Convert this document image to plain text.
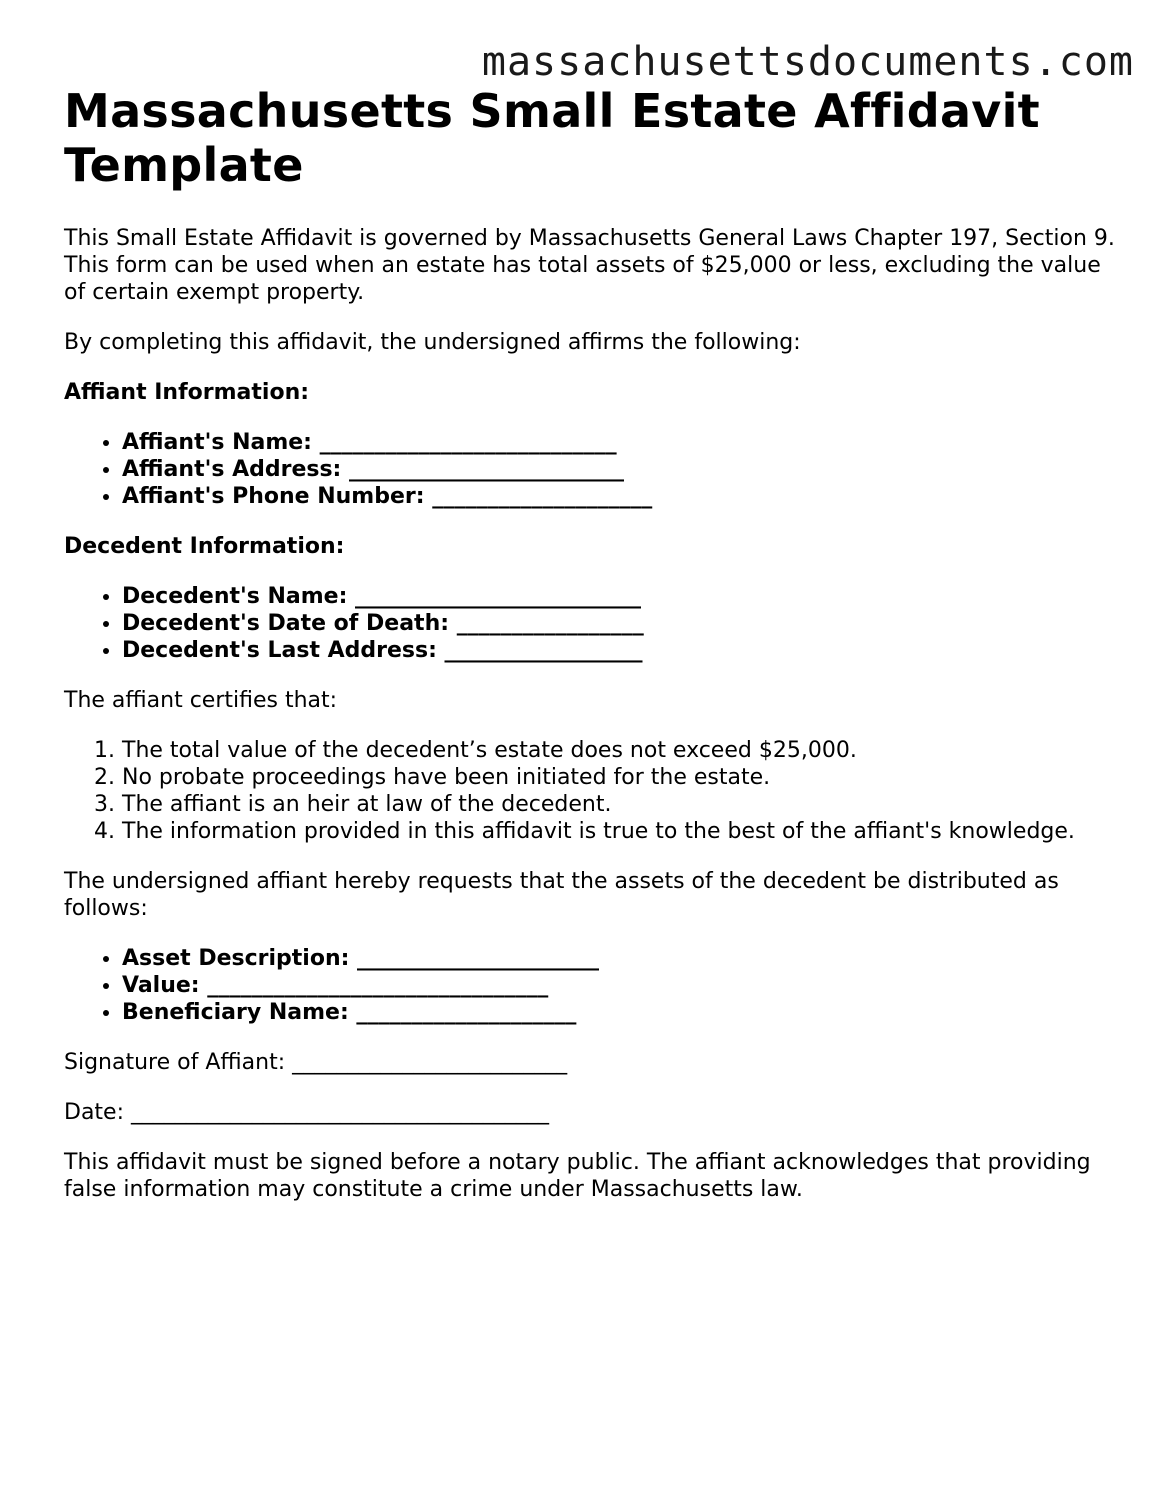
massachusettsdocuments.com
Massachusetts Small Estate Affidavit Template

This Small Estate Affidavit is governed by Massachusetts General Laws Chapter 197, Section 9. This form can be used when an estate has total assets of $25,000 or less, excluding the value of certain exempt property.

By completing this affidavit, the undersigned affirms the following:

Affiant Information:

• Affiant's Name: ___________________________
• Affiant's Address: _________________________
• Affiant's Phone Number: ____________________

Decedent Information:

• Decedent's Name: __________________________
• Decedent's Date of Death: _________________
• Decedent's Last Address: __________________

The affiant certifies that:

1. The total value of the decedent’s estate does not exceed $25,000.
2. No probate proceedings have been initiated for the estate.
3. The affiant is an heir at law of the decedent.
4. The information provided in this affidavit is true to the best of the affiant's knowledge.

The undersigned affiant hereby requests that the assets of the decedent be distributed as follows:

• Asset Description: ______________________
• Value: _______________________________
• Beneficiary Name: ____________________

Signature of Affiant: _________________________

Date: ______________________________________

This affidavit must be signed before a notary public. The affiant acknowledges that providing false information may constitute a crime under Massachusetts law.
